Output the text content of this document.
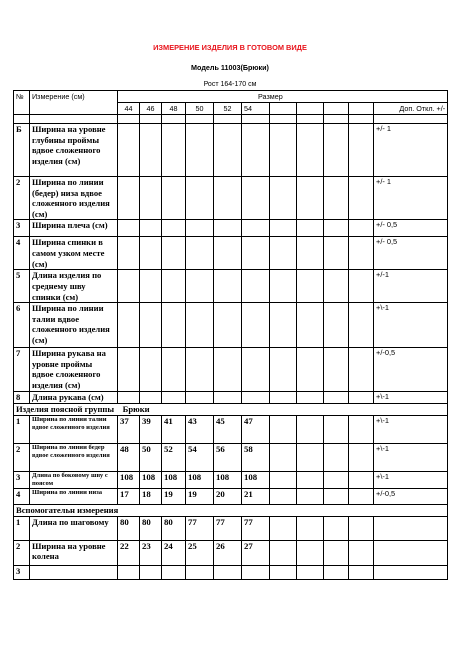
ИЗМЕРЕНИЕ ИЗДЕЛИЯ В ГОТОВОМ ВИДЕ
Модель 11003(Брюки)
Рост 164-170 см
№	Измерение (см)	Размер										
		44	46	48	50	52	54					Доп. Откл. +/-

Б	Ширина на уровне глубины проймы вдвое сложенного изделия (см)											+/- 1
2	Ширина по линии (бедер) низа вдвое сложенного изделия (см)											+/- 1
3	Ширина плеча (см)											+/- 0,5
4	Ширина спинки в самом узком месте (см)											+/- 0,5
5	Длина изделия по среднему шву спинки (см)											+/-1
6	Ширина по линии талии вдвое сложенного изделия (см)											+\-1
7	Ширина рукава на уровне проймы вдвое сложенного изделия (см)											+/-0,5
8	Длина рукава (см)											+\-1
Изделия поясной группы    Брюки												
1	Ширина по линии талии вдвое сложенного изделия	37	39	41	43	45	47					+\-1
2	Ширина по линии бедер вдвое сложенного изделия	48	50	52	54	56	58					+\-1
3	Длина по боковому шву с поясом	108	108	108	108	108	108					+\-1
4	Ширина по линии низа	17	18	19	19	20	21					+/-0,5
Вспомогательн измерения												
1	Длина по шаговому	80	80	80	77	77	77					
2	Ширина на уровне колена	22	23	24	25	26	27					
3												
